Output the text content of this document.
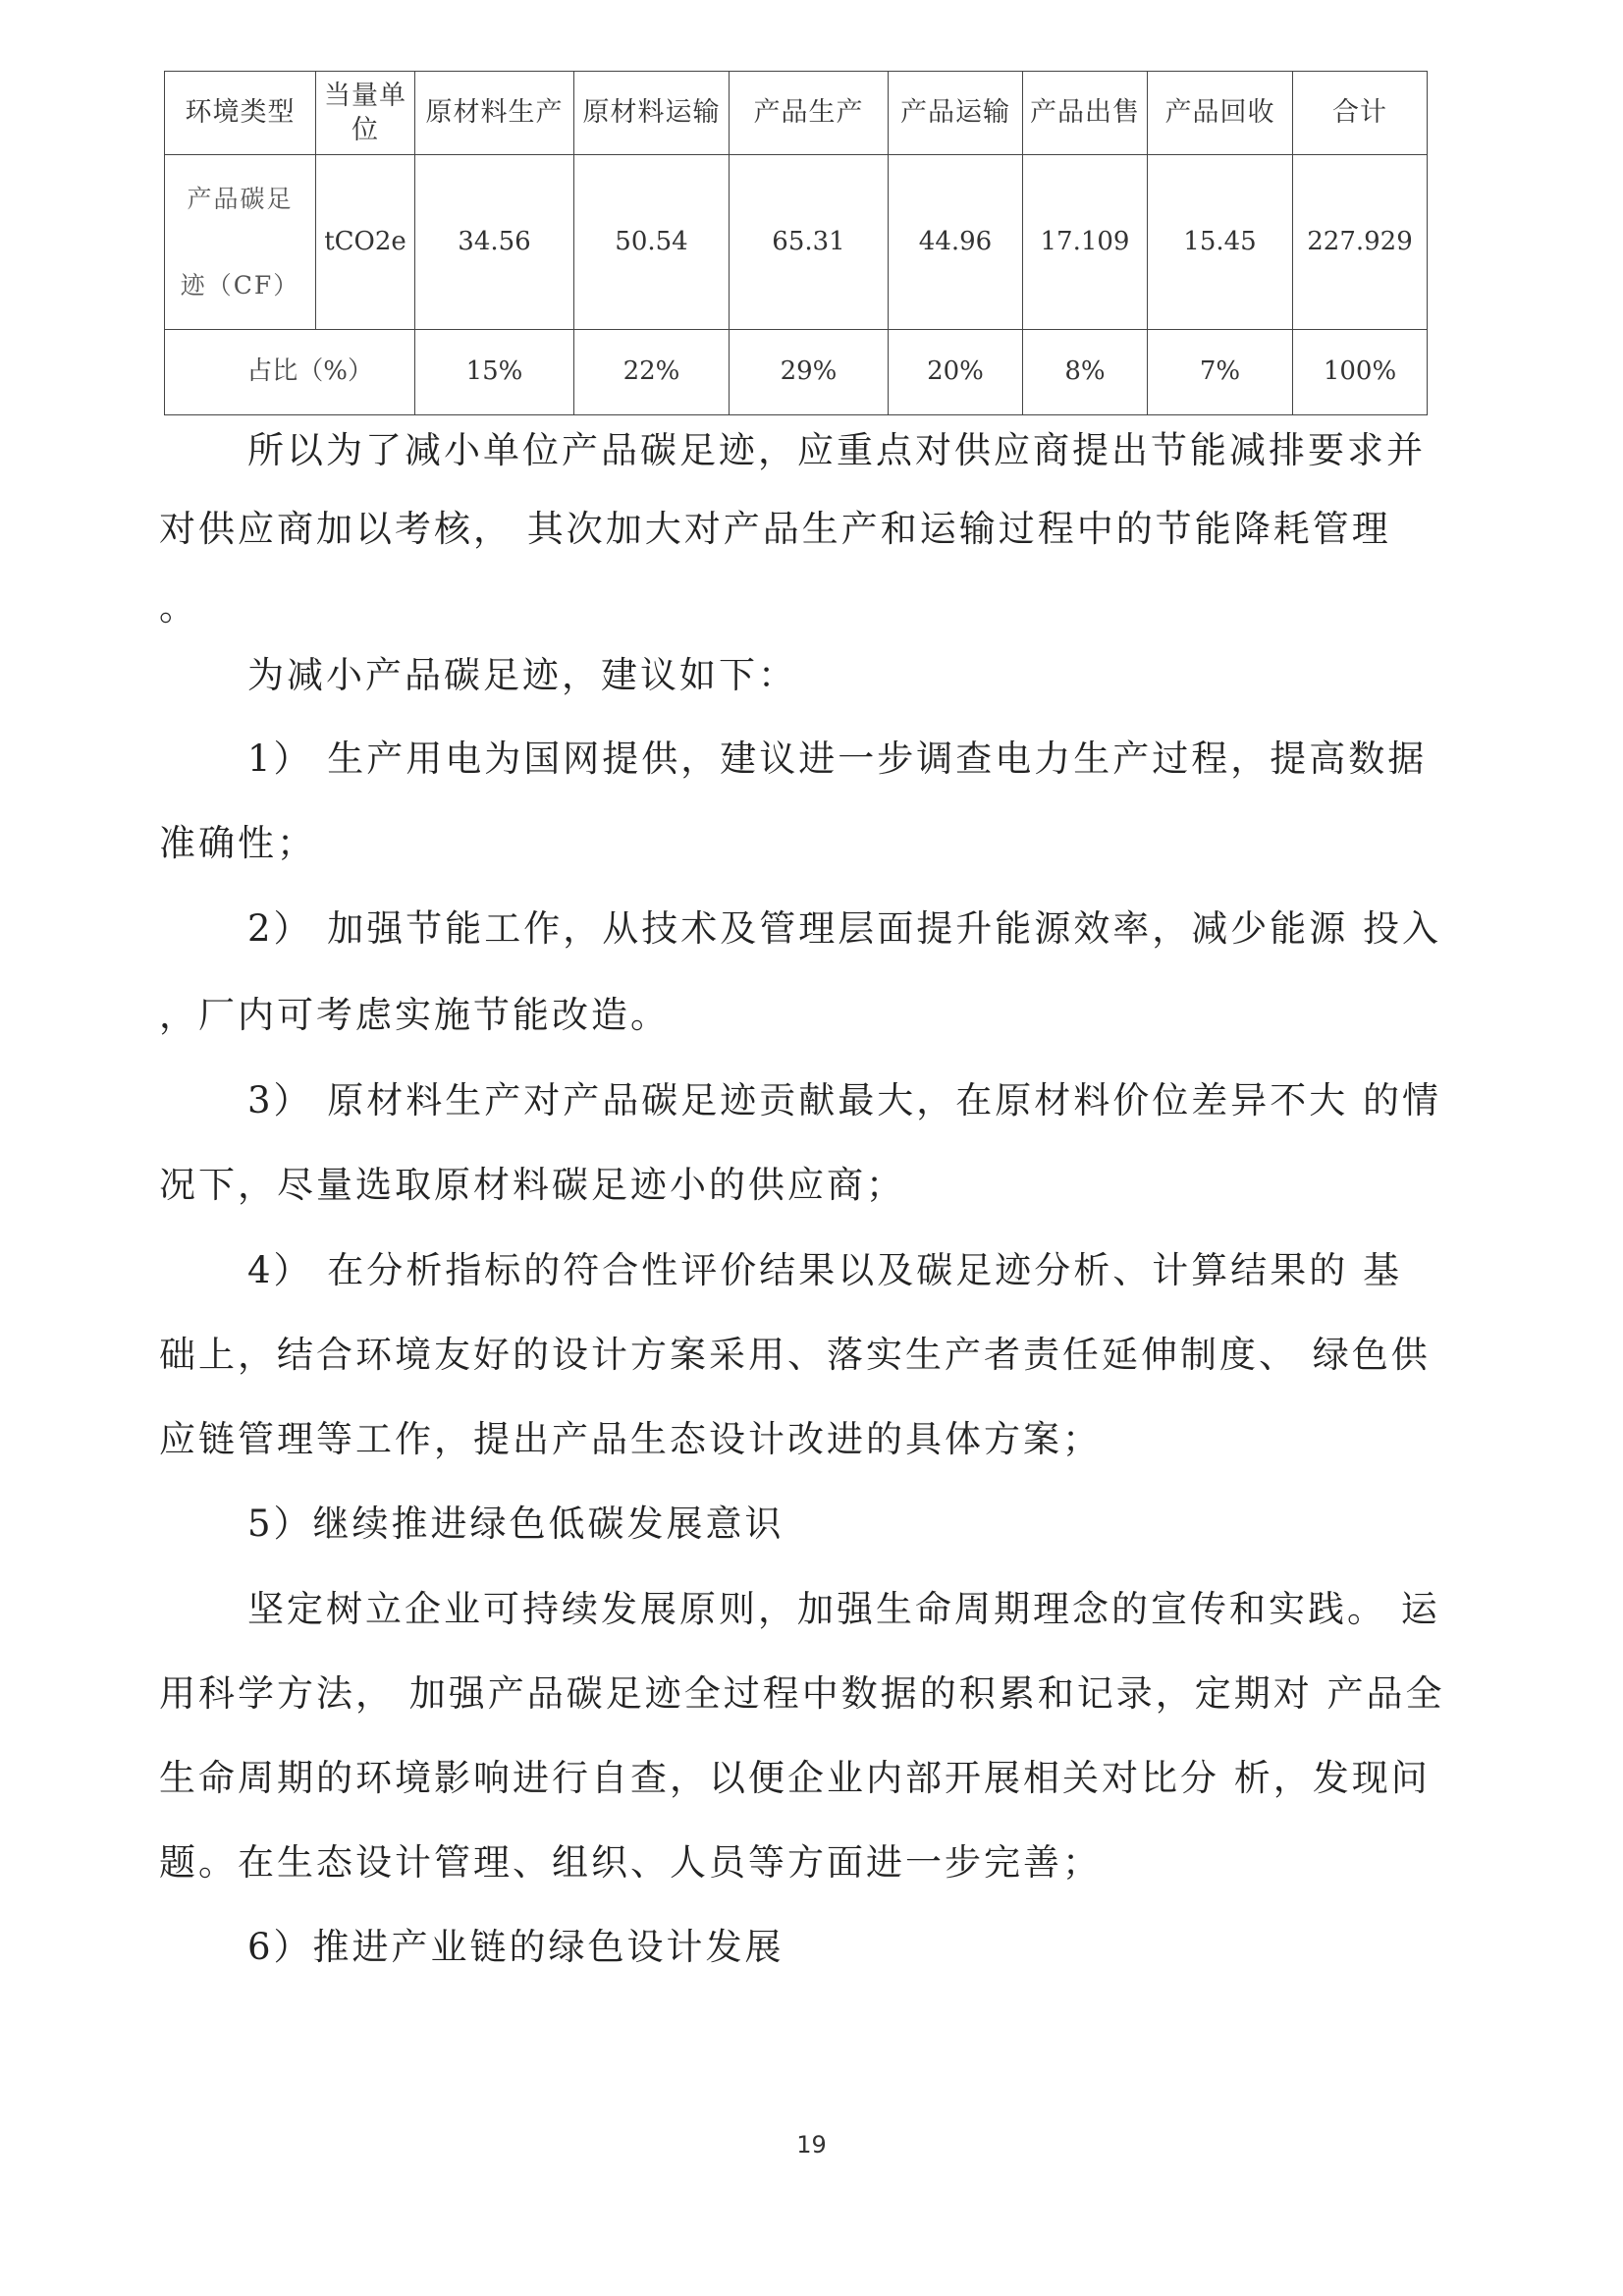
环境类型	当量单位	原材料生产	原材料运输	产品生产	产品运输	产品出售	产品回收	合计

产品碳足
迹（CF）	tCO2e	34.56	50.54	65.31	44.96	17.109	15.45	227.929
占比（%）		15%	22%	29%	20%	8%	7%	100%
所以为了减小单位产品碳足迹，应重点对供应商提出节能减排要求并
对供应商加以考核， 其次加大对产品生产和运输过程中的节能降耗管理
。
为减小产品碳足迹，建议如下：
1） 生产用电为国网提供，建议进一步调查电力生产过程，提高数据
准确性；
2） 加强节能工作，从技术及管理层面提升能源效率，减少能源 投入
，厂内可考虑实施节能改造。
3） 原材料生产对产品碳足迹贡献最大，在原材料价位差异不大 的情
况下，尽量选取原材料碳足迹小的供应商；
4） 在分析指标的符合性评价结果以及碳足迹分析、计算结果的 基
础上，结合环境友好的设计方案采用、落实生产者责任延伸制度、 绿色供
应链管理等工作，提出产品生态设计改进的具体方案；
5）继续推进绿色低碳发展意识
坚定树立企业可持续发展原则，加强生命周期理念的宣传和实践。 运
用科学方法， 加强产品碳足迹全过程中数据的积累和记录，定期对 产品全
生命周期的环境影响进行自查，以便企业内部开展相关对比分 析，发现问
题。在生态设计管理、组织、人员等方面进一步完善；
6）推进产业链的绿色设计发展
19
